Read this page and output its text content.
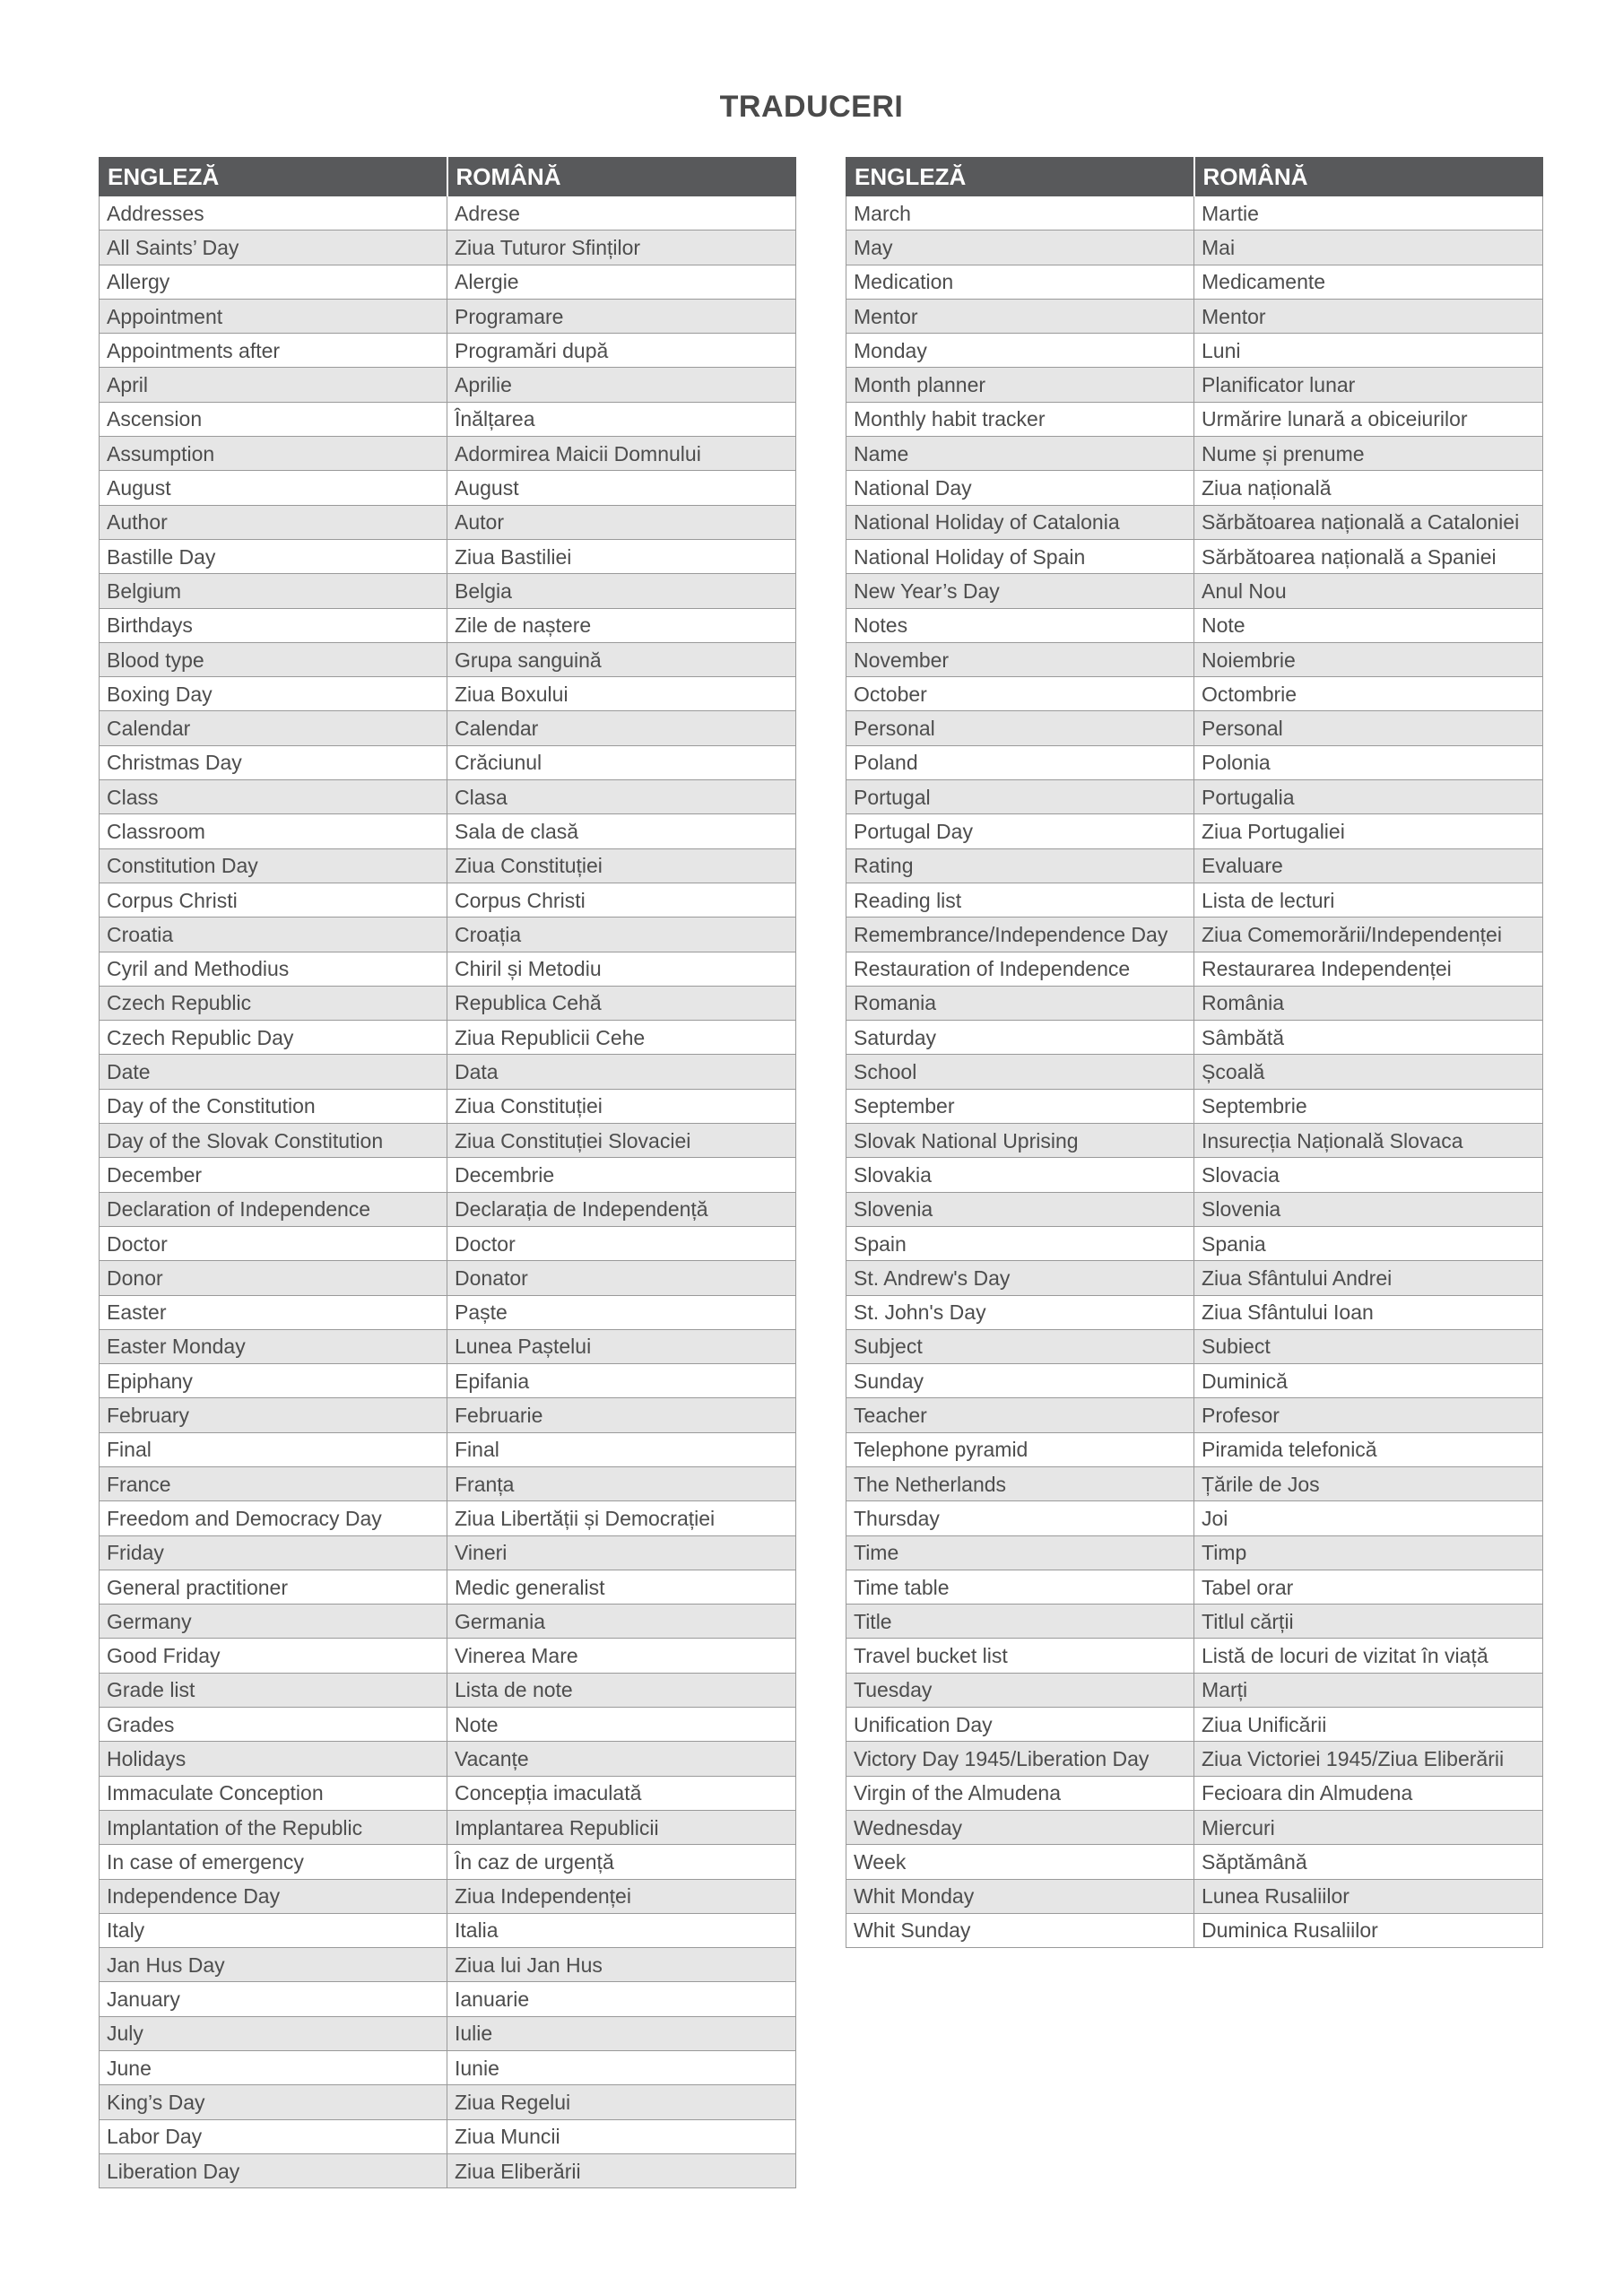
TRADUCERI
ENGLEZĂ	ROMÂNĂ
Addresses	Adrese
All Saints’ Day	Ziua Tuturor Sfinților
Allergy	Alergie
Appointment	Programare
Appointments after	Programări după
April	Aprilie
Ascension	Înălțarea
Assumption	Adormirea Maicii Domnului
August	August
Author	Autor
Bastille Day	Ziua Bastiliei
Belgium	Belgia
Birthdays	Zile de naștere
Blood type	Grupa sanguină
Boxing Day	Ziua Boxului
Calendar	Calendar
Christmas Day	Crăciunul
Class	Clasa
Classroom	Sala de clasă
Constitution Day	Ziua Constituției
Corpus Christi	Corpus Christi
Croatia	Croația
Cyril and Methodius	Chiril și Metodiu
Czech Republic	Republica Cehă
Czech Republic Day	Ziua Republicii Cehe
Date	Data
Day of the Constitution	Ziua Constituției
Day of the Slovak Constitution	Ziua Constituției Slovaciei
December	Decembrie
Declaration of Independence	Declarația de Independență
Doctor	Doctor
Donor	Donator
Easter	Paște
Easter Monday	Lunea Paștelui
Epiphany	Epifania
February	Februarie
Final	Final
France	Franța
Freedom and Democracy Day	Ziua Libertății și Democrației
Friday	Vineri
General practitioner	Medic generalist
Germany	Germania
Good Friday	Vinerea Mare
Grade list	Lista de note
Grades	Note
Holidays	Vacanțe
Immaculate Conception	Concepția imaculată
Implantation of the Republic	Implantarea Republicii
In case of emergency	În caz de urgență
Independence Day	Ziua Independenței
Italy	Italia
Jan Hus Day	Ziua lui Jan Hus
January	Ianuarie
July	Iulie
June	Iunie
King’s Day	Ziua Regelui
Labor Day	Ziua Muncii
Liberation Day	Ziua Eliberării
ENGLEZĂ	ROMÂNĂ
March	Martie
May	Mai
Medication	Medicamente
Mentor	Mentor
Monday	Luni
Month planner	Planificator lunar
Monthly habit tracker	Urmărire lunară a obiceiurilor
Name	Nume și prenume
National Day	Ziua națională
National Holiday of Catalonia	Sărbătoarea națională a Cataloniei
National Holiday of Spain	Sărbătoarea națională a Spaniei
New Year’s Day	Anul Nou
Notes	Note
November	Noiembrie
October	Octombrie
Personal	Personal
Poland	Polonia
Portugal	Portugalia
Portugal Day	Ziua Portugaliei
Rating	Evaluare
Reading list	Lista de lecturi
Remembrance/Independence Day	Ziua Comemorării/Independenței
Restauration of Independence	Restaurarea Independenței
Romania	România
Saturday	Sâmbătă
School	Școală
September	Septembrie
Slovak National Uprising	Insurecția Națională Slovaca
Slovakia	Slovacia
Slovenia	Slovenia
Spain	Spania
St. Andrew's Day	Ziua Sfântului Andrei
St. John's Day	Ziua Sfântului Ioan
Subject	Subiect
Sunday	Duminică
Teacher	Profesor
Telephone pyramid	Piramida telefonică
The Netherlands	Țările de Jos
Thursday	Joi
Time	Timp
Time table	Tabel orar
Title	Titlul cărții
Travel bucket list	Listă de locuri de vizitat în viață
Tuesday	Marți
Unification Day	Ziua Unificării
Victory Day 1945/Liberation Day	Ziua Victoriei 1945/Ziua Eliberării
Virgin of the Almudena	Fecioara din Almudena
Wednesday	Miercuri
Week	Săptămână
Whit Monday	Lunea Rusaliilor
Whit Sunday	Duminica Rusaliilor
